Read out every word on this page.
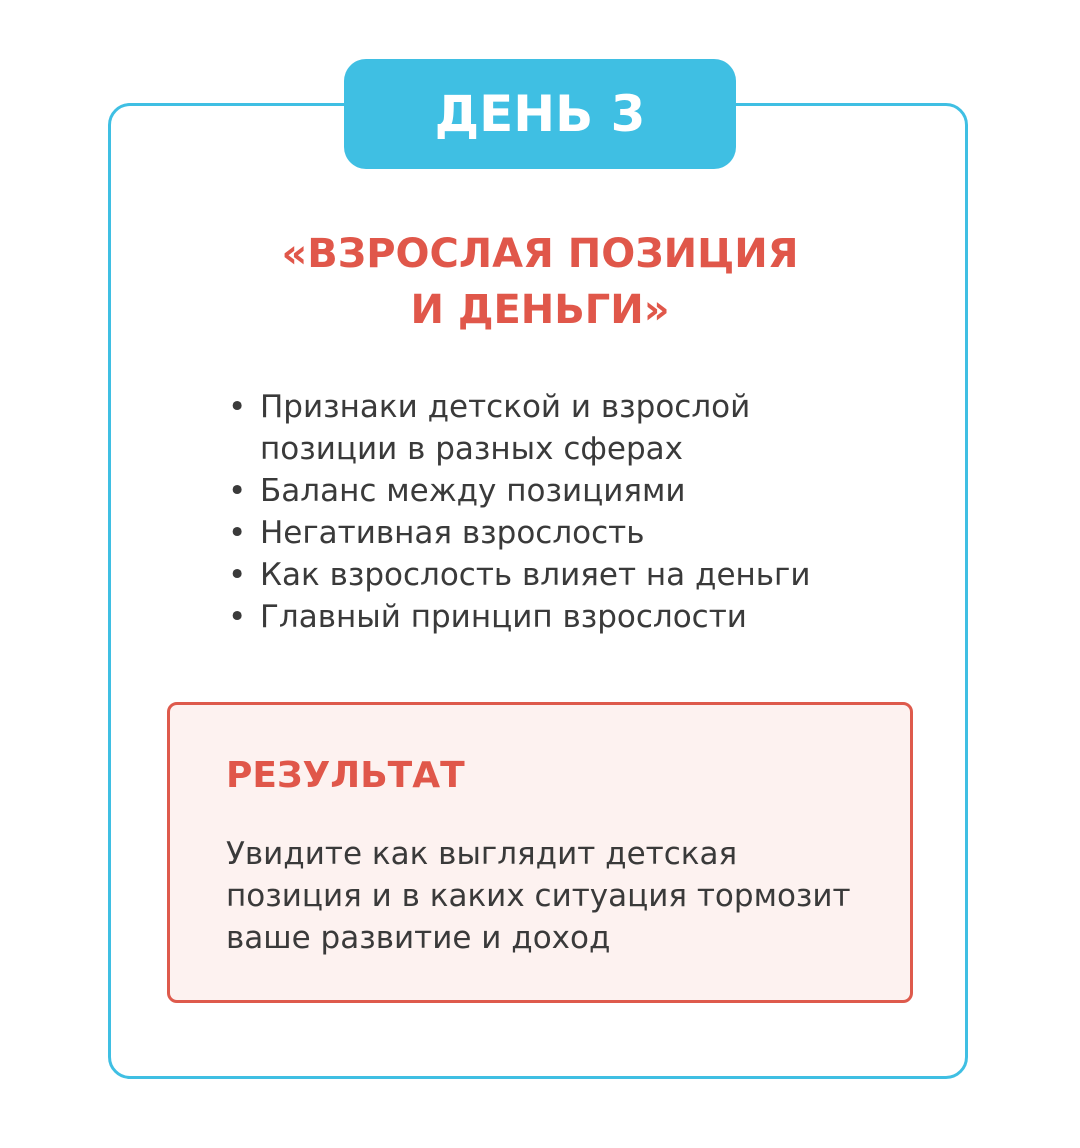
ДЕНЬ 3
«ВЗРОСЛАЯ ПОЗИЦИЯ
И ДЕНЬГИ»
• Признаки детской и взрослой
позиции в разных сферах
• Баланс между позициями
• Негативная взрослость
• Как взрослость влияет на деньги
• Главный принцип взрослости
РЕЗУЛЬТАТ
Увидите как выглядит детская
позиция и в каких ситуация тормозит
ваше развитие и доход
